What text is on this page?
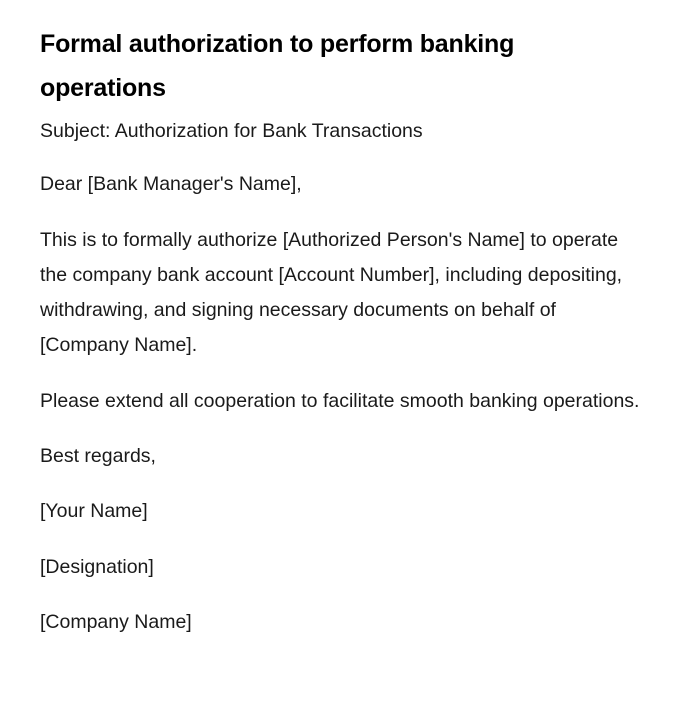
Formal authorization to perform banking operations

Subject: Authorization for Bank Transactions

Dear [Bank Manager's Name],

This is to formally authorize [Authorized Person's Name] to operate the company bank account [Account Number], including depositing, withdrawing, and signing necessary documents on behalf of [Company Name].

Please extend all cooperation to facilitate smooth banking operations.

Best regards,

[Your Name]

[Designation]

[Company Name]
